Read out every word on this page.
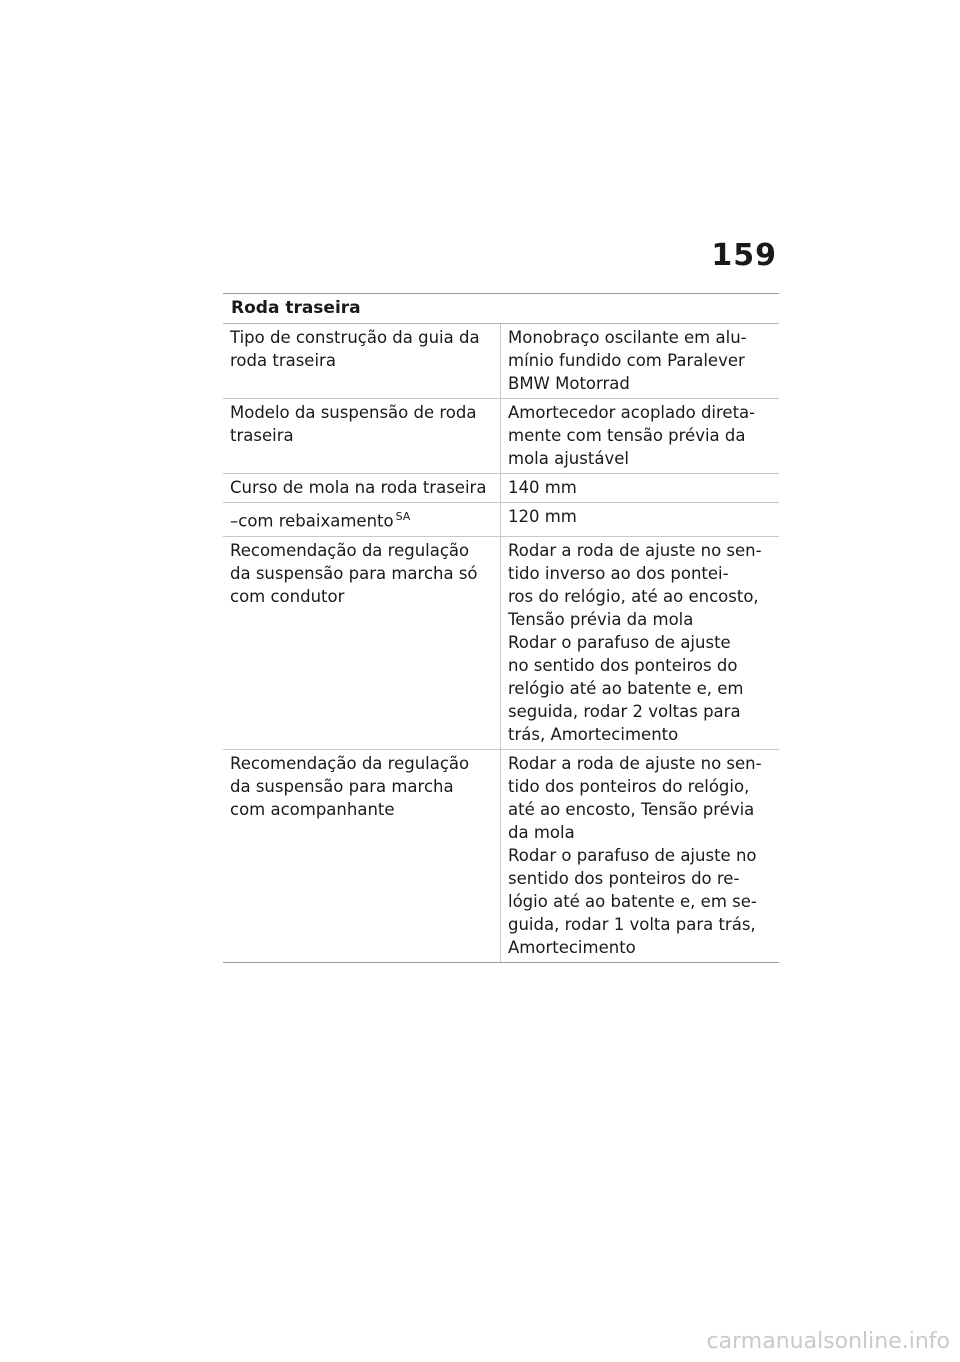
159
Roda traseira
Tipo de construção da guia da
roda traseira
Monobraço oscilante em alu-
mínio fundido com Paralever
BMW Motorrad
Modelo da suspensão de roda
traseira
Amortecedor acoplado direta-
mente com tensão prévia da
mola ajustável
Curso de mola na roda traseira	140 mm
–com rebaixamento $^{SA}$	120 mm
Recomendação da regulação
da suspensão para marcha só
com condutor
Rodar a roda de ajuste no sen-
tido inverso ao dos pontei-
ros do relógio, até ao encosto,
Tensão prévia da mola
Rodar o parafuso de ajuste
no sentido dos ponteiros do
relógio até ao batente e, em
seguida, rodar 2 voltas para
trás, Amortecimento
Recomendação da regulação
da suspensão para marcha
com acompanhante
Rodar a roda de ajuste no sen-
tido dos ponteiros do relógio,
até ao encosto, Tensão prévia
da mola
Rodar o parafuso de ajuste no
sentido dos ponteiros do re-
lógio até ao batente e, em se-
guida, rodar 1 volta para trás,
Amortecimento
carmanualsonline.info
